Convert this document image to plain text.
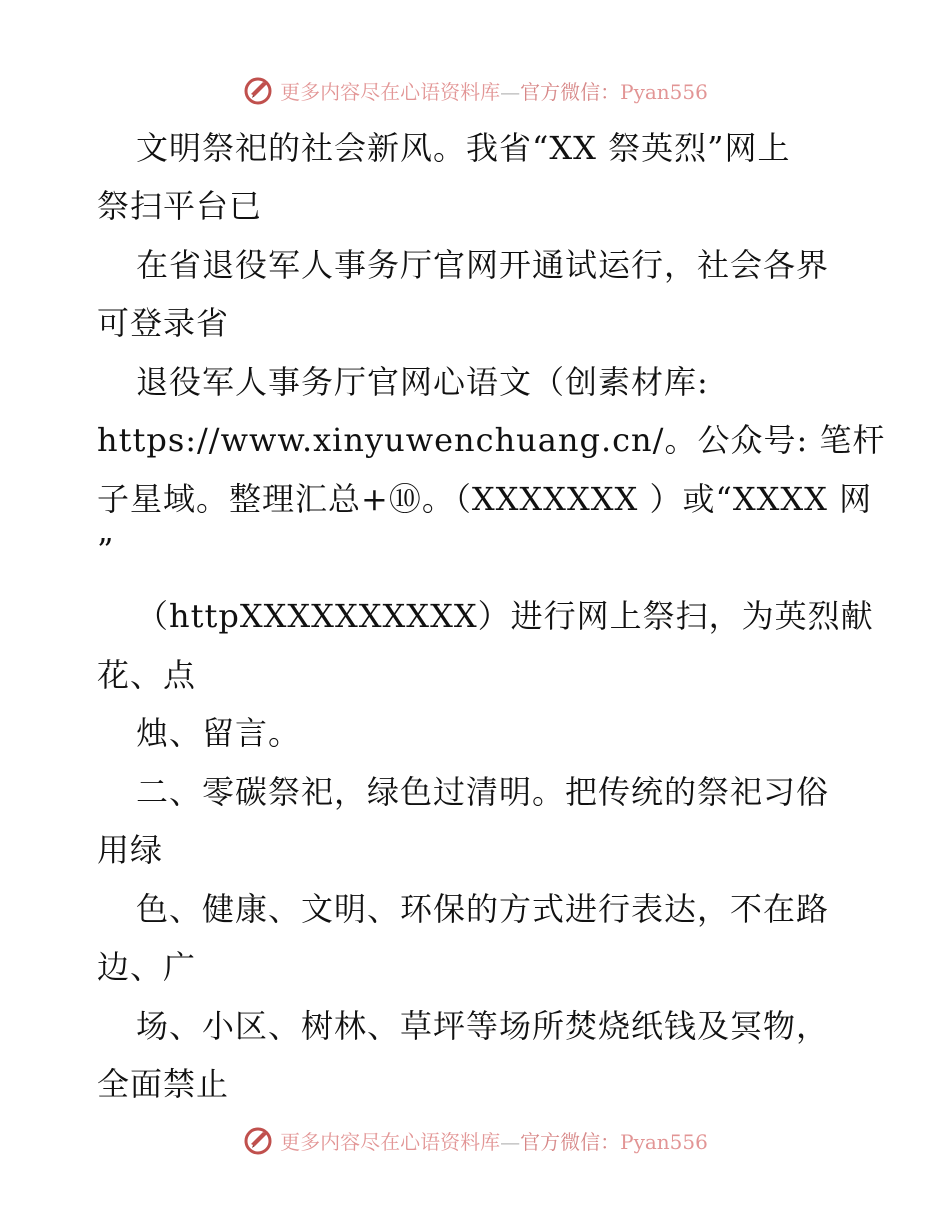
更多内容尽在心语资料库—官方微信：Pyan556
文明祭祀的社会新风。我省“XX 祭英烈”网上
祭扫平台已
在省退役军人事务厅官网开通试运行，社会各界
可登录省
退役军人事务厅官网心语文（创素材库:
https://www.xinyuwenchuang.cn/。公众号: 笔杆
子星域。整理汇总+⑩。（XXXXXXX ）或“XXXX 网
”
（httpXXXXXXXXXX）进行网上祭扫，为英烈献
花、点
烛、留言。
二、零碳祭祀，绿色过清明。把传统的祭祀习俗
用绿
色、健康、文明、环保的方式进行表达，不在路
边、广
场、小区、树林、草坪等场所焚烧纸钱及冥物，
全面禁止
更多内容尽在心语资料库—官方微信：Pyan556
